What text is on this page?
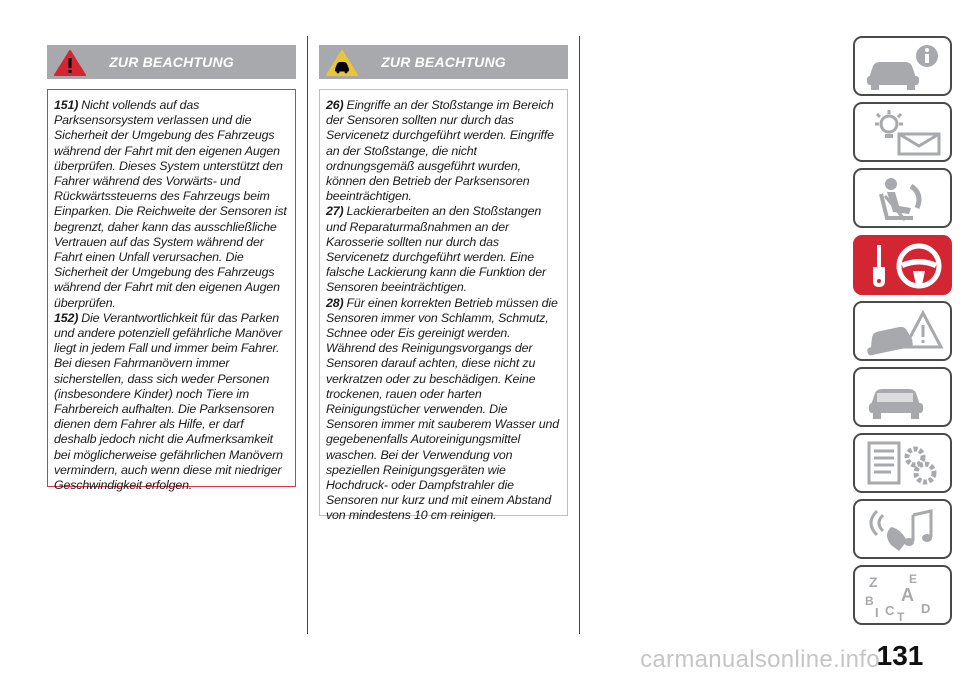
ZUR BEACHTUNG

151) Nicht vollends auf das Parksensorsystem verlassen und die Sicherheit der Umgebung des Fahrzeugs während der Fahrt mit den eigenen Augen überprüfen. Dieses System unterstützt den Fahrer während des Vorwärts- und Rückwärtssteuerns des Fahrzeugs beim Einparken. Die Reichweite der Sensoren ist begrenzt, daher kann das ausschließliche Vertrauen auf das System während der Fahrt einen Unfall verursachen. Die Sicherheit der Umgebung des Fahrzeugs während der Fahrt mit den eigenen Augen überprüfen.

152) Die Verantwortlichkeit für das Parken und andere potenziell gefährliche Manöver liegt in jedem Fall und immer beim Fahrer. Bei diesen Fahrmanövern immer sicherstellen, dass sich weder Personen (insbesondere Kinder) noch Tiere im Fahrbereich aufhalten. Die Parksensoren dienen dem Fahrer als Hilfe, er darf deshalb jedoch nicht die Aufmerksamkeit bei möglicherweise gefährlichen Manövern vermindern, auch wenn diese mit niedriger Geschwindigkeit erfolgen.

ZUR BEACHTUNG

26) Eingriffe an der Stoßstange im Bereich der Sensoren sollten nur durch das Servicenetz durchgeführt werden. Eingriffe an der Stoßstange, die nicht ordnungsgemäß ausgeführt wurden, können den Betrieb der Parksensoren beeinträchtigen.

27) Lackierarbeiten an den Stoßstangen und Reparaturmaßnahmen an der Karosserie sollten nur durch das Servicenetz durchgeführt werden. Eine falsche Lackierung kann die Funktion der Sensoren beeinträchtigen.

28) Für einen korrekten Betrieb müssen die Sensoren immer von Schlamm, Schmutz, Schnee oder Eis gereinigt werden. Während des Reinigungsvorgangs der Sensoren darauf achten, diese nicht zu verkratzen oder zu beschädigen. Keine trockenen, rauen oder harten Reinigungstücher verwenden. Die Sensoren immer mit sauberem Wasser und gegebenenfalls Autoreinigungsmittel waschen. Bei der Verwendung von speziellen Reinigungsgeräten wie Hochdruck- oder Dampfstrahler die Sensoren nur kurz und mit einem Abstand von mindestens 10 cm reinigen.

Z	E
A
B
C D
T
I
carmanualsonline.info
131
